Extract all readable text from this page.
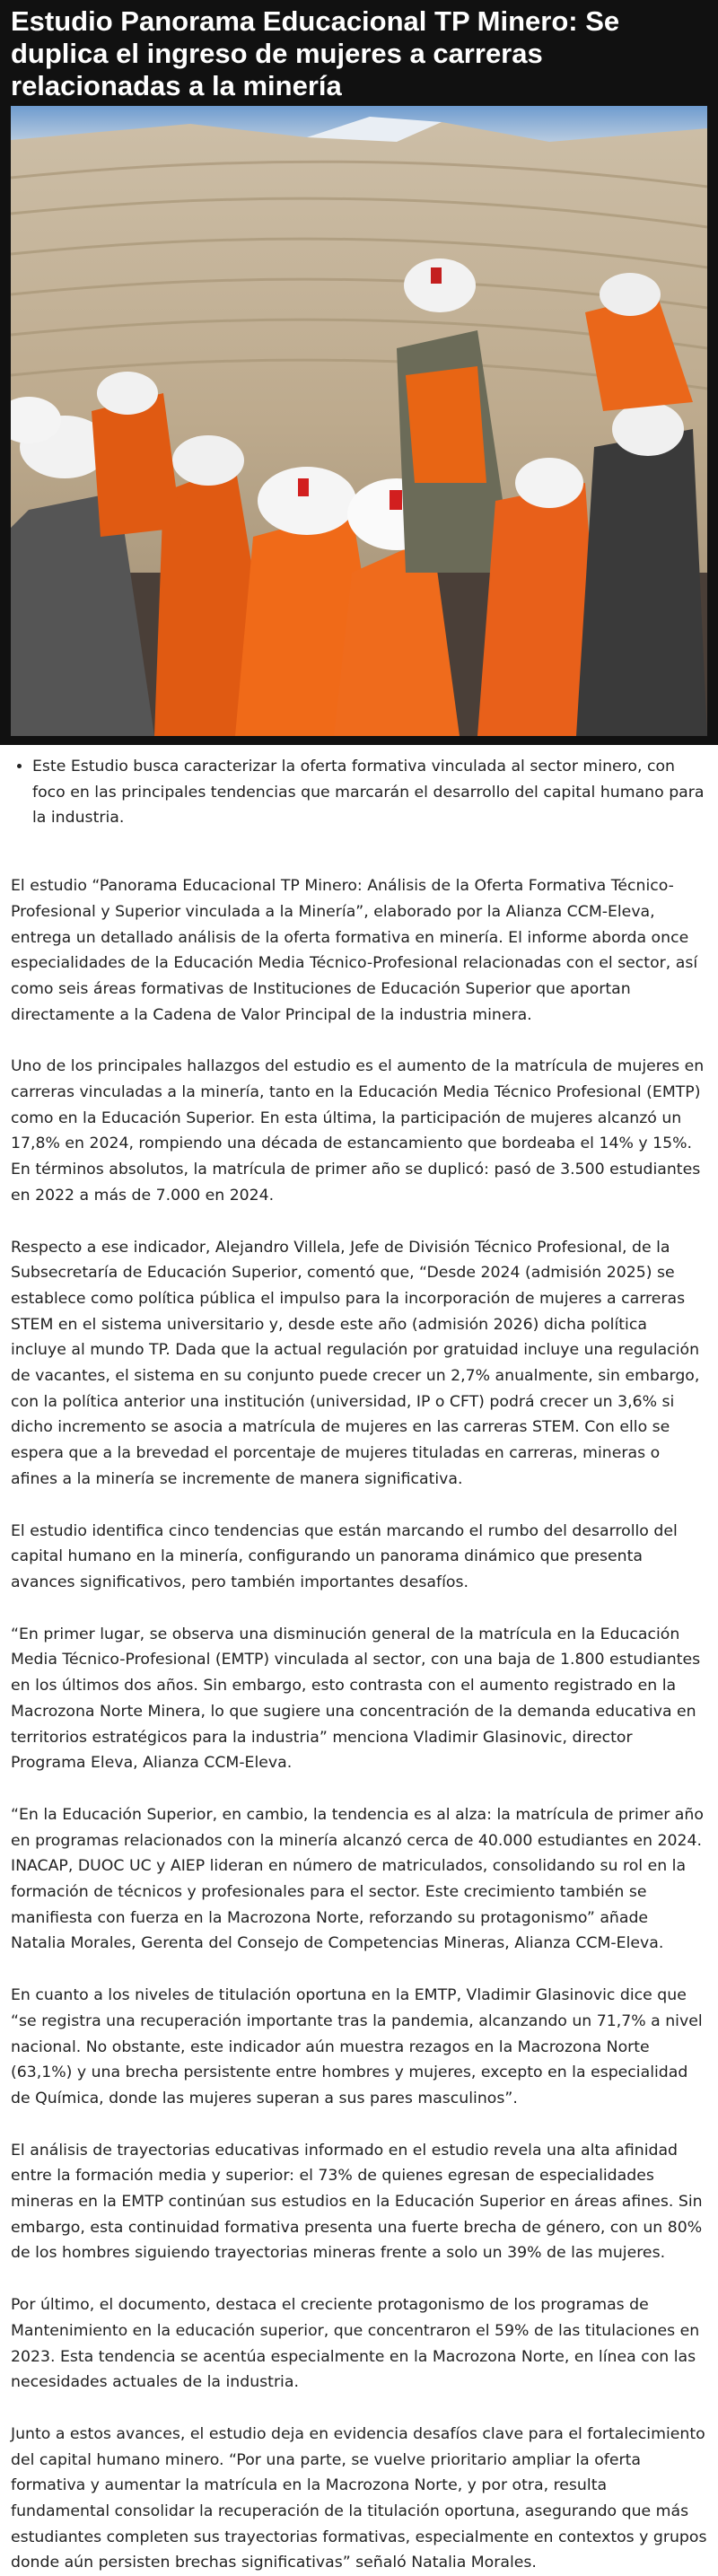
Estudio Panorama Educacional TP Minero: Se duplica el ingreso de mujeres a carreras relacionadas a la minería
• Este Estudio busca caracterizar la oferta formativa vinculada al sector minero, con foco en las principales tendencias que marcarán el desarrollo del capital humano para la industria.

El estudio “Panorama Educacional TP Minero: Análisis de la Oferta Formativa Técnico-Profesional y Superior vinculada a la Minería”, elaborado por la Alianza CCM-Eleva, entrega un detallado análisis de la oferta formativa en minería. El informe aborda once especialidades de la Educación Media Técnico-Profesional relacionadas con el sector, así como seis áreas formativas de Instituciones de Educación Superior que aportan directamente a la Cadena de Valor Principal de la industria minera.

Uno de los principales hallazgos del estudio es el aumento de la matrícula de mujeres en carreras vinculadas a la minería, tanto en la Educación Media Técnico Profesional (EMTP) como en la Educación Superior. En esta última, la participación de mujeres alcanzó un 17,8% en 2024, rompiendo una década de estancamiento que bordeaba el 14% y 15%. En términos absolutos, la matrícula de primer año se duplicó: pasó de 3.500 estudiantes en 2022 a más de 7.000 en 2024.

Respecto a ese indicador, Alejandro Villela, Jefe de División Técnico Profesional, de la Subsecretaría de Educación Superior, comentó que, “Desde 2024 (admisión 2025) se establece como política pública el impulso para la incorporación de mujeres a carreras STEM en el sistema universitario y, desde este año (admisión 2026) dicha política incluye al mundo TP. Dada que la actual regulación por gratuidad incluye una regulación de vacantes, el sistema en su conjunto puede crecer un 2,7% anualmente, sin embargo, con la política anterior una institución (universidad, IP o CFT) podrá crecer un 3,6% si dicho incremento se asocia a matrícula de mujeres en las carreras STEM. Con ello se espera que a la brevedad el porcentaje de mujeres tituladas en carreras, mineras o afines a la minería se incremente de manera significativa.

El estudio identifica cinco tendencias que están marcando el rumbo del desarrollo del capital humano en la minería, configurando un panorama dinámico que presenta avances significativos, pero también importantes desafíos.

“En primer lugar, se observa una disminución general de la matrícula en la Educación Media Técnico-Profesional (EMTP) vinculada al sector, con una baja de 1.800 estudiantes en los últimos dos años. Sin embargo, esto contrasta con el aumento registrado en la Macrozona Norte Minera, lo que sugiere una concentración de la demanda educativa en territorios estratégicos para la industria” menciona Vladimir Glasinovic, director Programa Eleva, Alianza CCM-Eleva.

“En la Educación Superior, en cambio, la tendencia es al alza: la matrícula de primer año en programas relacionados con la minería alcanzó cerca de 40.000 estudiantes en 2024. INACAP, DUOC UC y AIEP lideran en número de matriculados, consolidando su rol en la formación de técnicos y profesionales para el sector. Este crecimiento también se manifiesta con fuerza en la Macrozona Norte, reforzando su protagonismo” añade Natalia Morales, Gerenta del Consejo de Competencias Mineras, Alianza CCM-Eleva.

En cuanto a los niveles de titulación oportuna en la EMTP, Vladimir Glasinovic dice que “se registra una recuperación importante tras la pandemia, alcanzando un 71,7% a nivel nacional. No obstante, este indicador aún muestra rezagos en la Macrozona Norte (63,1%) y una brecha persistente entre hombres y mujeres, excepto en la especialidad de Química, donde las mujeres superan a sus pares masculinos”.

El análisis de trayectorias educativas informado en el estudio revela una alta afinidad entre la formación media y superior: el 73% de quienes egresan de especialidades mineras en la EMTP continúan sus estudios en la Educación Superior en áreas afines. Sin embargo, esta continuidad formativa presenta una fuerte brecha de género, con un 80% de los hombres siguiendo trayectorias mineras frente a solo un 39% de las mujeres.

Por último, el documento, destaca el creciente protagonismo de los programas de Mantenimiento en la educación superior, que concentraron el 59% de las titulaciones en 2023. Esta tendencia se acentúa especialmente en la Macrozona Norte, en línea con las necesidades actuales de la industria.

Junto a estos avances, el estudio deja en evidencia desafíos clave para el fortalecimiento del capital humano minero. “Por una parte, se vuelve prioritario ampliar la oferta formativa y aumentar la matrícula en la Macrozona Norte, y por otra, resulta fundamental consolidar la recuperación de la titulación oportuna, asegurando que más estudiantes completen sus trayectorias formativas, especialmente en contextos y grupos donde aún persisten brechas significativas” señaló Natalia Morales.
